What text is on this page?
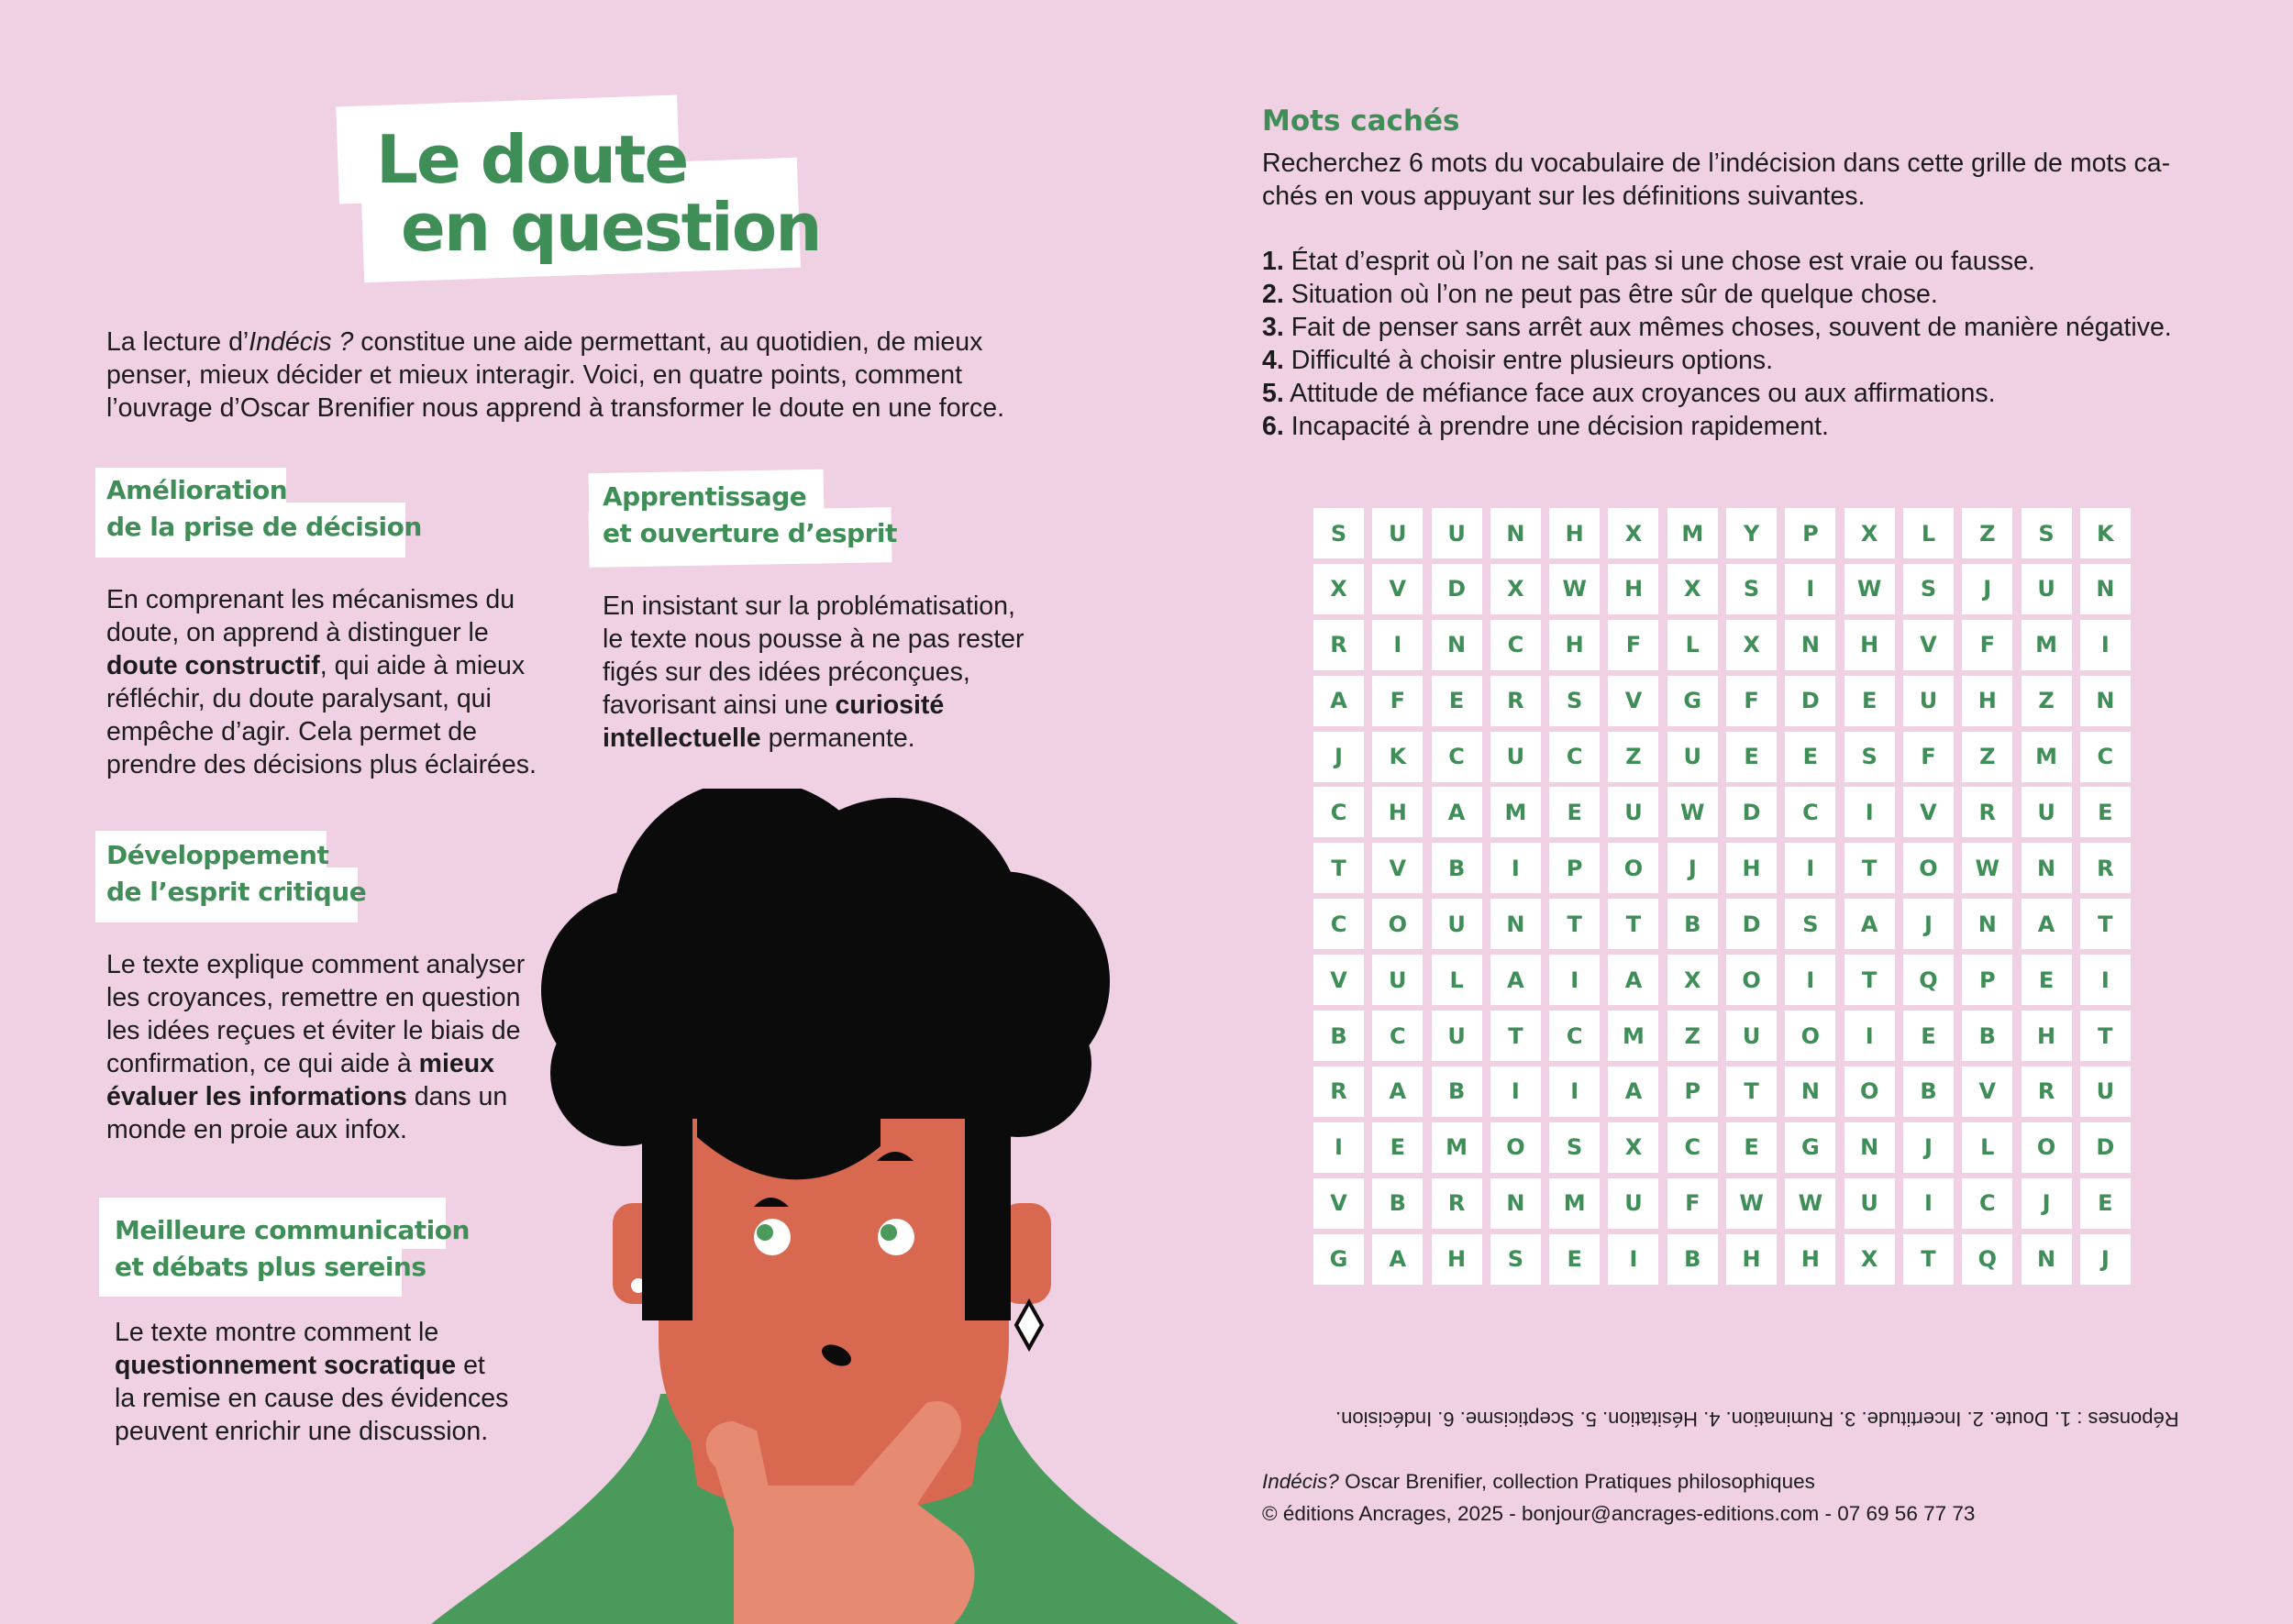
Le doute
en question
La lecture d’Indécis ? constitue une aide permettant, au quotidien, de mieux penser, mieux décider et mieux interagir. Voici, en quatre points, comment l’ouvrage d’Oscar Brenifier nous apprend à transformer le doute en une force.
Amélioration
de la prise de décision
En comprenant les mécanismes du doute, on apprend à distinguer le doute constructif, qui aide à mieux réfléchir, du doute paralysant, qui empêche d’agir. Cela permet de prendre des décisions plus éclairées.
Apprentissage
et ouverture d’esprit
En insistant sur la problématisation, le texte nous pousse à ne pas rester figés sur des idées préconçues, favorisant ainsi une curiosité intellectuelle permanente.
Développement
de l’esprit critique
Le texte explique comment analyser les croyances, remettre en question les idées reçues et éviter le biais de confirmation, ce qui aide à mieux évaluer les informations dans un monde en proie aux infox.
Meilleure communication
et débats plus sereins
Le texte montre comment le questionnement socratique et la remise en cause des évidences peuvent enrichir une discussion.
Mots cachés
Recherchez 6 mots du vocabulaire de l’indécision dans cette grille de mots ca-chés en vous appuyant sur les définitions suivantes.
1. État d’esprit où l’on ne sait pas si une chose est vraie ou fausse.
2. Situation où l’on ne peut pas être sûr de quelque chose.
3. Fait de penser sans arrêt aux mêmes choses, souvent de manière négative.
4. Difficulté à choisir entre plusieurs options.
5. Attitude de méfiance face aux croyances ou aux affirmations.
6. Incapacité à prendre une décision rapidement.
S	U	U	N	H	X	M	Y	P	X	L	Z	S	K
X	V	D	X	W	H	X	S	I	W	S	J	U	N
R	I	N	C	H	F	L	X	N	H	V	F	M	I
A	F	E	R	S	V	G	F	D	E	U	H	Z	N
J	K	C	U	C	Z	U	E	E	S	F	Z	M	C
C	H	A	M	E	U	W	D	C	I	V	R	U	E
T	V	B	I	P	O	J	H	I	T	O	W	N	R
C	O	U	N	T	T	B	D	S	A	J	N	A	T
V	U	L	A	I	A	X	O	I	T	Q	P	E	I
B	C	U	T	C	M	Z	U	O	I	E	B	H	T
R	A	B	I	I	A	P	T	N	O	B	V	R	U
I	E	M	O	S	X	C	E	G	N	J	L	O	D
V	B	R	N	M	U	F	W	W	U	I	C	J	E
G	A	H	S	E	I	B	H	H	X	T	Q	N	J
Réponses : 1. Doute. 2. Incertitude. 3. Rumination. 4. Hésitation. 5. Scepticisme. 6. Indécision.
Indécis? Oscar Brenifier, collection Pratiques philosophiques
© éditions Ancrages, 2025 - bonjour@ancrages-editions.com - 07 69 56 77 73
